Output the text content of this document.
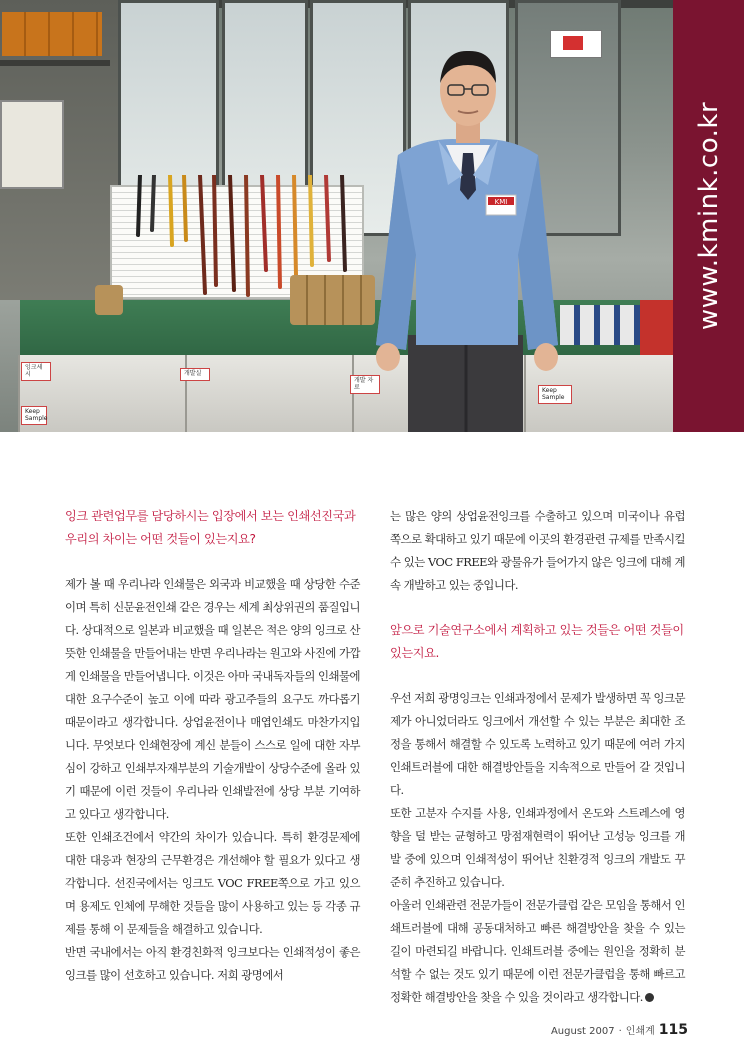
잉크세시	개발실
개발 자 료
Keep Sample
Keep Sample
KMI	www.kmink.co.kr

잉크 관련업무를 담당하시는 입장에서 보는 인쇄선진국과 우리의 차이는 어떤 것들이 있는지요?

제가 볼 때 우리나라 인쇄물은 외국과 비교했을 때 상당한 수준이며 특히 신문윤전인쇄 같은 경우는 세계 최상위권의 품질입니다. 상대적으로 일본과 비교했을 때 일본은 적은 양의 잉크로 산뜻한 인쇄물을 만들어내는 반면 우리나라는 원고와 사진에 가깝게 인쇄물을 만들어냅니다. 이것은 아마 국내독자들의 인쇄물에 대한 요구수준이 높고 이에 따라 광고주들의 요구도 까다롭기 때문이라고 생각합니다. 상업윤전이나 매엽인쇄도 마찬가지입니다. 무엇보다 인쇄현장에 계신 분들이 스스로 일에 대한 자부심이 강하고 인쇄부자재부분의 기술개발이 상당수준에 올라 있기 때문에 이런 것들이 우리나라 인쇄발전에 상당 부분 기여하고 있다고 생각합니다.

또한 인쇄조건에서 약간의 차이가 있습니다. 특히 환경문제에 대한 대응과 현장의 근무환경은 개선해야 할 필요가 있다고 생각합니다. 선진국에서는 잉크도 VOC FREE쪽으로 가고 있으며 용제도 인체에 무해한 것들을 많이 사용하고 있는 등 각종 규제를 통해 이 문제들을 해결하고 있습니다.

반면 국내에서는 아직 환경친화적 잉크보다는 인쇄적성이 좋은 잉크를 많이 선호하고 있습니다. 저희 광명에서

는 많은 양의 상업윤전잉크를 수출하고 있으며 미국이나 유럽 쪽으로 확대하고 있기 때문에 이곳의 환경관련 규제를 만족시킬 수 있는 VOC FREE와 광물유가 들어가지 않은 잉크에 대해 계속 개발하고 있는 중입니다.

앞으로 기술연구소에서 계획하고 있는 것들은 어떤 것들이 있는지요.

우선 저희 광명잉크는 인쇄과정에서 문제가 발생하면 꼭 잉크문제가 아니었더라도 잉크에서 개선할 수 있는 부분은 최대한 조정을 통해서 해결할 수 있도록 노력하고 있기 때문에 여러 가지 인쇄트러블에 대한 해결방안들을 지속적으로 만들어 갈 것입니다.

또한 고분자 수지를 사용, 인쇄과정에서 온도와 스트레스에 영향을 덜 받는 균형하고 망점재현력이 뛰어난 고성능 잉크를 개발 중에 있으며 인쇄적성이 뛰어난 친환경적 잉크의 개발도 꾸준히 추진하고 있습니다.

아울러 인쇄관련 전문가들이 전문가클럽 같은 모임을 통해서 인쇄트러블에 대해 공동대처하고 빠른 해결방안을 찾을 수 있는 길이 마련되길 바랍니다. 인쇄트러블 중에는 원인을 정확히 분석할 수 없는 것도 있기 때문에 이런 전문가클럽을 통해 빠르고 정확한 해결방안을 찾을 수 있을 것이라고 생각합니다.

August 2007 · 인쇄계 115
